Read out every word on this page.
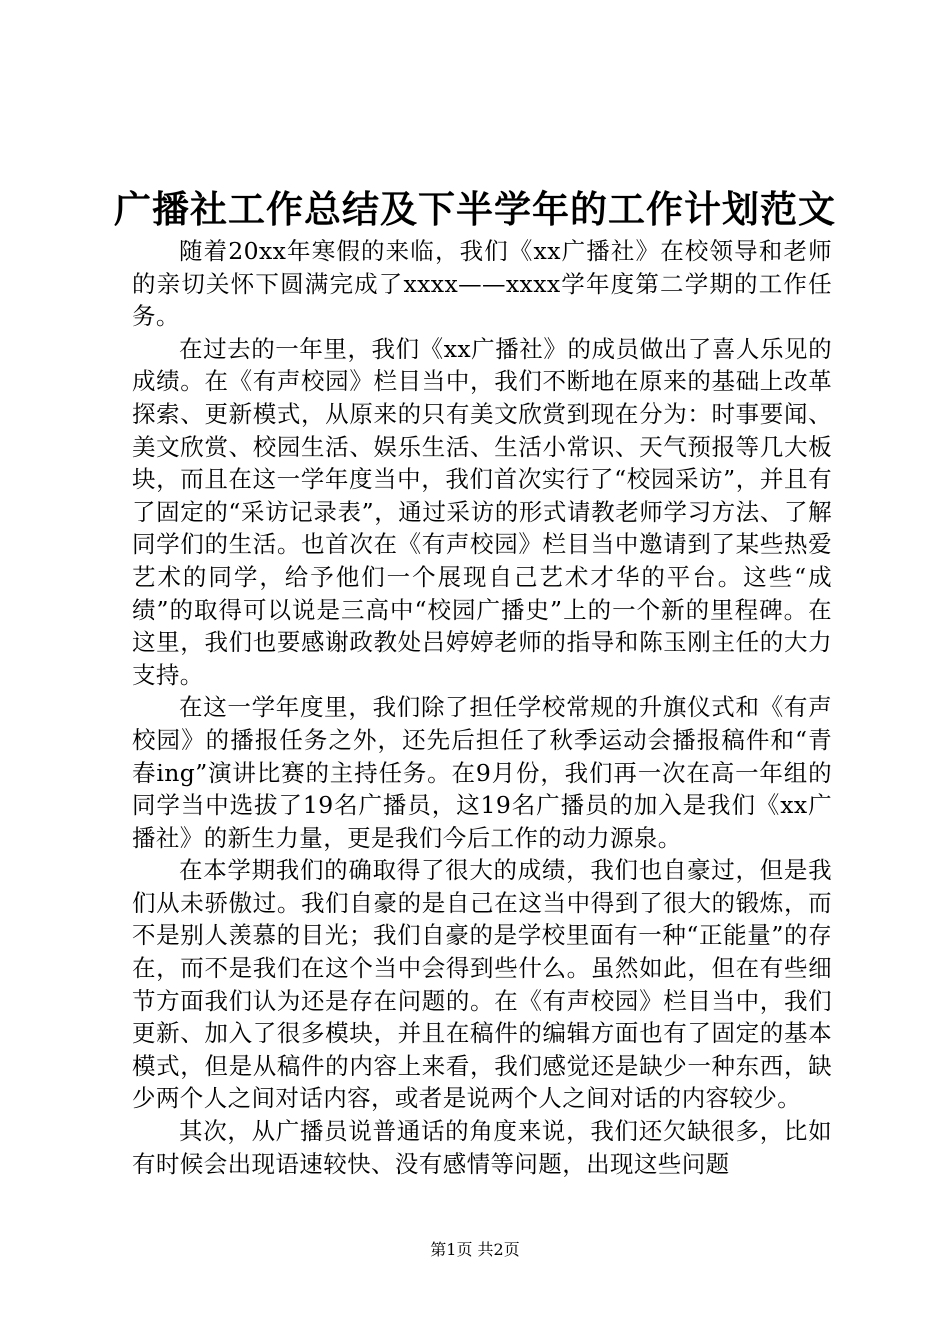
广播社工作总结及下半学年的工作计划范文

随着20xx年寒假的来临，我们《xx广播社》在校领导和老师的亲切关怀下圆满完成了xxxx——xxxx学年度第二学期的工作任务。

在过去的一年里，我们《xx广播社》的成员做出了喜人乐见的成绩。在《有声校园》栏目当中，我们不断地在原来的基础上改革探索、更新模式，从原来的只有美文欣赏到现在分为：时事要闻、美文欣赏、校园生活、娱乐生活、生活小常识、天气预报等几大板块，而且在这一学年度当中，我们首次实行了“校园采访”，并且有了固定的“采访记录表”，通过采访的形式请教老师学习方法、了解同学们的生活。也首次在《有声校园》栏目当中邀请到了某些热爱艺术的同学，给予他们一个展现自己艺术才华的平台。这些“成绩”的取得可以说是三高中“校园广播史”上的一个新的里程碑。在这里，我们也要感谢政教处吕婷婷老师的指导和陈玉刚主任的大力支持。

在这一学年度里，我们除了担任学校常规的升旗仪式和《有声校园》的播报任务之外，还先后担任了秋季运动会播报稿件和“青春ing”演讲比赛的主持任务。在9月份，我们再一次在高一年组的同学当中选拔了19名广播员，这19名广播员的加入是我们《xx广播社》的新生力量，更是我们今后工作的动力源泉。

在本学期我们的确取得了很大的成绩，我们也自豪过，但是我们从未骄傲过。我们自豪的是自己在这当中得到了很大的锻炼，而不是别人羡慕的目光；我们自豪的是学校里面有一种“正能量”的存在，而不是我们在这个当中会得到些什么。虽然如此，但在有些细节方面我们认为还是存在问题的。在《有声校园》栏目当中，我们更新、加入了很多模块，并且在稿件的编辑方面也有了固定的基本模式，但是从稿件的内容上来看，我们感觉还是缺少一种东西，缺少两个人之间对话内容，或者是说两个人之间对话的内容较少。

其次，从广播员说普通话的角度来说，我们还欠缺很多，比如有时候会出现语速较快、没有感情等问题，出现这些问题

第1页 共2页
